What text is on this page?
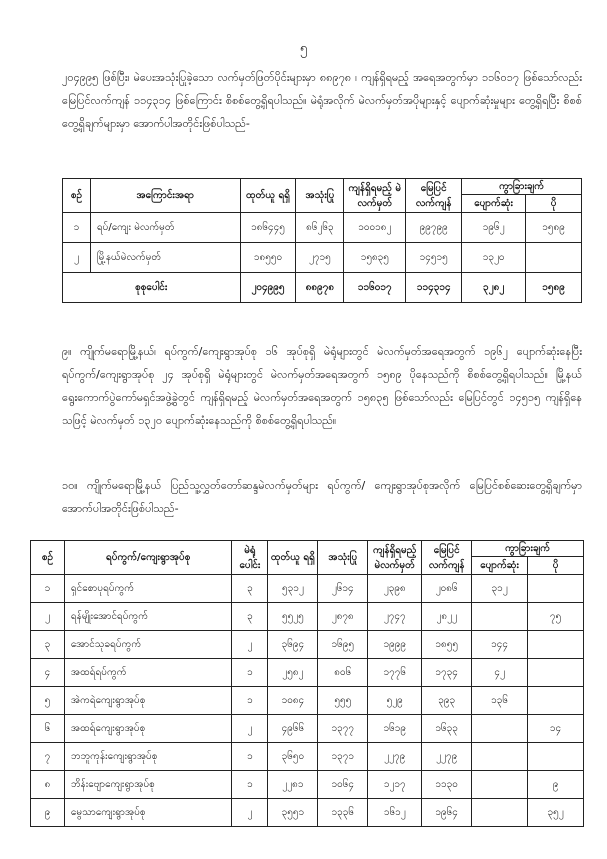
၅
၂၀၄၉၉၅ ဖြစ်ပြီး၊ မဲပေးအသုံးပြုခဲ့သော လက်မှတ်ဖြတ်ပိုင်းများမှာ ၈၈၉၇၈ ၊ ကျန်ရှိရမည့် အရေအတွက်မှာ ၁၁၆၀၁၇ ဖြစ်သော်လည်း မြေပြင်လက်ကျန် ၁၁၄၃၁၄ ဖြစ်ကြောင်း စိစစ်တွေ့ရှိရပါသည်။ မဲရုံအလိုက် မဲလက်မှတ်အပိုများနှင့် ပျောက်ဆုံးမှုများ တွေ့ရှိရပြီး စိစစ်တွေ့ရှိချက်များမှာ အောက်ပါအတိုင်းဖြစ်ပါသည်-
စဉ်	အကြောင်းအရာ	ထုတ်ယူ ရရှိ	အသုံးပြု	ကျန်ရှိရမည့် မဲလက်မှတ်	မြေပြင် လက်ကျန်	ကွာခြားချက်	
						ပျောက်ဆုံး	ပို
၁	ရပ်/ကျေး မဲလက်မှတ်	၁၈၆၄၄၅	၈၆၂၆၃	၁၀၀၁၈၂	၉၉၇၉၉	၁၉၆၂	၁၅၈၉
၂	မြို့နယ်မဲလက်မှတ်	၁၈၅၅၀	၂၇၁၅	၁၅၈၃၅	၁၄၅၁၅	၁၃၂၀	
စုစုပေါင်း		၂၀၄၉၉၅	၈၈၉၇၈	၁၁၆၀၁၇	၁၁၄၃၁၄	၃၂၈၂	၁၅၈၉
၉။ ကျိုက်မရောမြို့နယ်၊ ရပ်ကွက်/ကျေးရွာအုပ်စု ၁၆ အုပ်စုရှိ မဲရုံများတွင် မဲလက်မှတ်အရေအတွက် ၁၉၆၂ ပျောက်ဆုံးနေပြီး ရပ်ကွက်/ကျေးရွာအုပ်စု ၂၄ အုပ်စုရှိ မဲရုံများတွင် မဲလက်မှတ်အရေအတွက် ၁၅၈၉ ပိုနေသည်ကို စိစစ်တွေ့ရှိရပါသည်။ မြို့နယ်ရွေးကောက်ပွဲကော်မရှင်အဖွဲ့ခွဲတွင် ကျန်ရှိရမည့် မဲလက်မှတ်အရေအတွက် ၁၅၈၃၅ ဖြစ်သော်လည်း မြေပြင်တွင် ၁၄၅၁၅ ကျန်ရှိနေသဖြင့် မဲလက်မှတ် ၁၃၂၀ ပျောက်ဆုံးနေသည်ကို စိစစ်တွေ့ရှိရပါသည်။
၁၀။ ကျိုက်မရောမြို့နယ် ပြည်သူ့လွှတ်တော်ဆန္ဒမဲလက်မှတ်များ ရပ်ကွက်/ ကျေးရွာအုပ်စုအလိုက် မြေပြင်စစ်ဆေးတွေ့ရှိချက်မှာ အောက်ပါအတိုင်းဖြစ်ပါသည်-
စဉ်	ရပ်ကွက်/ကျေးရွာအုပ်စု	မဲရုံ ပေါင်း	ထုတ်ယူ ရရှိ	အသုံးပြု	ကျန်ရှိရမည့် မဲလက်မှတ်	မြေပြင် လက်ကျန်	ကွာခြားချက်	
							ပျောက်ဆုံး	ပို
၁	ရှင်စောပုရပ်ကွက်	၃	၅၃၁၂	၂၆၁၄	၂၃၉၈	၂၀၈၆	၃၁၂	
၂	ရန်မျိုးအောင်ရပ်ကွက်	၃	၅၅၂၅	၂၈၇၈	၂၇၄၇	၂၈၂၂		၇၅
၃	အောင်သုခရပ်ကွက်	၂	၃၆၉၄	၁၆၉၅	၁၉၉၉	၁၈၅၅	၁၄၄	
၄	အထရ်ရပ်ကွက်	၁	၂၅၈၂	၈၀၆	၁၇၇၆	၁၇၃၄	၄၂	
၅	အဲကရဲကျေးရွာအုပ်စု	၁	၁၀၈၄	၅၅၅	၅၂၉	၃၉၃	၁၃၆	
၆	အထရ်ကျေးရွာအုပ်စု	၂	၄၉၆၆	၁၃၇၇	၁၆၁၉	၁၆၃၃		၁၄
၇	ဘဘူကုန်းကျေးရွာအုပ်စု	၁	၃၆၅၀	၁၃၇၁	၂၂၇၉	၂၂၇၉		
၈	ဘိန်းဗျောကျေးရွာအုပ်စု	၁	၂၂၈၁	၁၀၆၄	၁၂၁၇	၁၁၃၀		၉
၉	မွေသာကျေးရွာအုပ်စု	၂	၃၅၅၁	၁၃၃၆	၁၆၁၂	၁၉၆၄		၃၅၂
